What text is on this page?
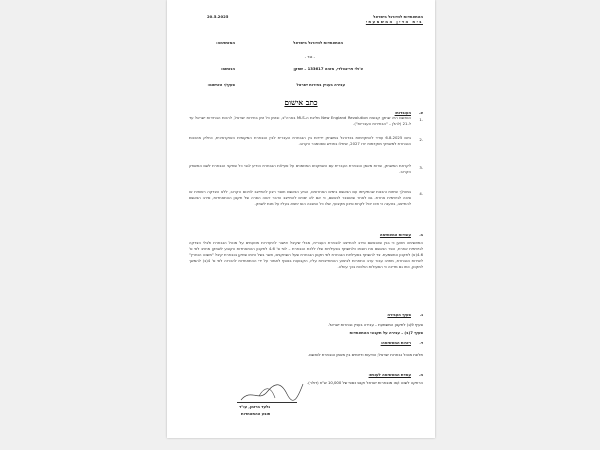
ההתאחדות לכדורגל בישראל
בית הדין המשמעתי
20.5.2025
המאשימה:	ההתאחדות לכדורגל בישראל
- נגד -
הנאשם:	צ'ולי פרינגולדי, מזהה 133617 – שחקן
סעיף/י האישום:	עבירה בעניין בחירות ישראל
כתב אישום
א.
העובדות:
1.
הנאשם היה שחקן קבוצת New England Revolution מליגת ה-MLS בארה"ב, ובזמן כל זמן בחירות ישראל, לרבות הבחירות ישראל עד ל-21 (להלן – "הבחירות העבריות").
2.
ביום 6.8.2025 עודד להתקדמות בכדורגל במשחק ידידות בין הנבחרת העברית לבין הנבחרת המקומית האוקראינית, כחלק מהכנות הנבחרת למשחקי מוקדמות יורו 2027, שיחלו בחודש ספטמבר הקרוב.
3.
לקראת המשחק, שרות מאמן הנבחרת העברית עם השחקנים המוזמנים על פעילות הנבחרת הודיע לגבי כל שחקני הנבחרת לשם המשחק הקרוב.
4.
במהלך שיחות והכנות שהתקיימו עם הנאשם בימים האחרונים, הביע הנאשם חוסר רצון להתייצב לכינוס הקרוב, ללא הצדקה רפואית או סיבה לגיטימית אחרת. גם לאחר שהוסבר לנאשם, כי אם לא יסכים להתייצב הדבר יהווה הפרה של תקנון ההתאחדות, סירב הנאשם להתייצב, בטענה כי אינו יכול לקחת סיכון מקצועי, שלו כל המבנה הוא ימצא בעליו על מנת לשחק.
ב.
עובדות המאשימה
המאשימה תטען כי בגין שהנאשם סירב להתייצב לנבחרת העברית, מבלי שקיבל אישור להיעדרות מטעמים על מנהל הנבחרת ולבלי הצדקה לגיטימית אחרת, הפר הנאשם את חובתו כלחשתף בפעילויות שלו ללכת הנבחרת – לפי ס' 4.6 לתקנון ההתאחדות הקובע לשחקן מחויב לפי ס' 4.6(א) לתקנון המשמעת. צד להשתף בפעילויות הנבחרת לפי תקנון הנבחרת שעל השחקנים, אשר בשל היותו שחקן בנבחרת קיבל "משנה הנחרץ" לשירות הנבחרת, מחויב עבור ערב התחרות לביצוע ההתחייבויות עליו, הקבועות בנוסף לאמור על ידי ההתאחדות להכרזה לפי ס' 4(ב) להמשך לתקנון, כמו גם מדינה כי הפעולות הולכות בכך עוולה.
ג.
סעיף העבירה
סעיף 9(ג) לתקנון המשמעת – עבירה בעניין נבחרות ישראל.
סעיף 7(ב) – עבירה על תקנוני ההתאחדות
ד.
ראיות המאשימה:
תלונת מנהל נבחרות ישראל; הודעות ודיווחים בין מאמן הנבחרת לנאשם.
ה.
עמדת המאשימה לעונש:
הרחקה לשנה ו/או מנבחרות ישראל וקנס כספי של 10,000 ש"ח (דולר).
גלעד ברזמן, עו"ד
תובע ההתאחדות
